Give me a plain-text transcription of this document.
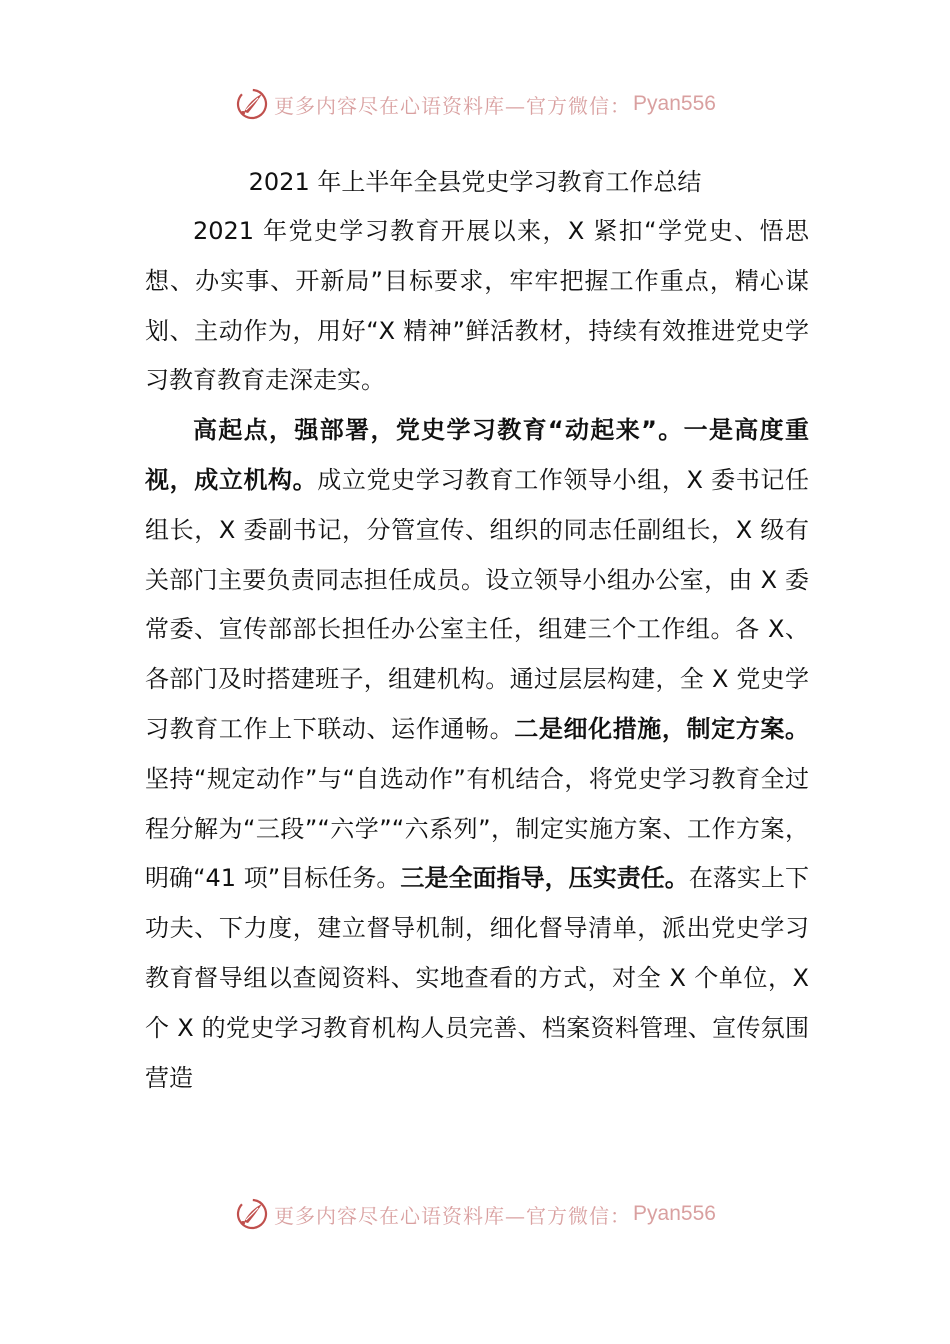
更多内容尽在心语资料库—官方微信： Pyan556
2021 年上半年全县党史学习教育工作总结

2021 年党史学习教育开展以来，X 紧扣“学党史、悟思想、办实事、开新局”目标要求，牢牢把握工作重点，精心谋划、主动作为，用好“X 精神”鲜活教材，持续有效推进党史学习教育教育走深走实。

高起点，强部署，党史学习教育“动起来”。一是高度重视，成立机构。成立党史学习教育工作领导小组，X 委书记任组长，X 委副书记，分管宣传、组织的同志任副组长，X 级有关部门主要负责同志担任成员。设立领导小组办公室，由 X 委常委、宣传部部长担任办公室主任，组建三个工作组。各 X、各部门及时搭建班子，组建机构。通过层层构建，全 X 党史学习教育工作上下联动、运作通畅。二是细化措施，制定方案。坚持“规定动作”与“自选动作”有机结合，将党史学习教育全过程分解为“三段”“六学”“六系列”，制定实施方案、工作方案，明确“41 项”目标任务。三是全面指导，压实责任。在落实上下功夫、下力度，建立督导机制，细化督导清单，派出党史学习教育督导组以查阅资料、实地查看的方式，对全 X 个单位，X 个 X 的党史学习教育机构人员完善、档案资料管理、宣传氛围营造

更多内容尽在心语资料库—官方微信： Pyan556
